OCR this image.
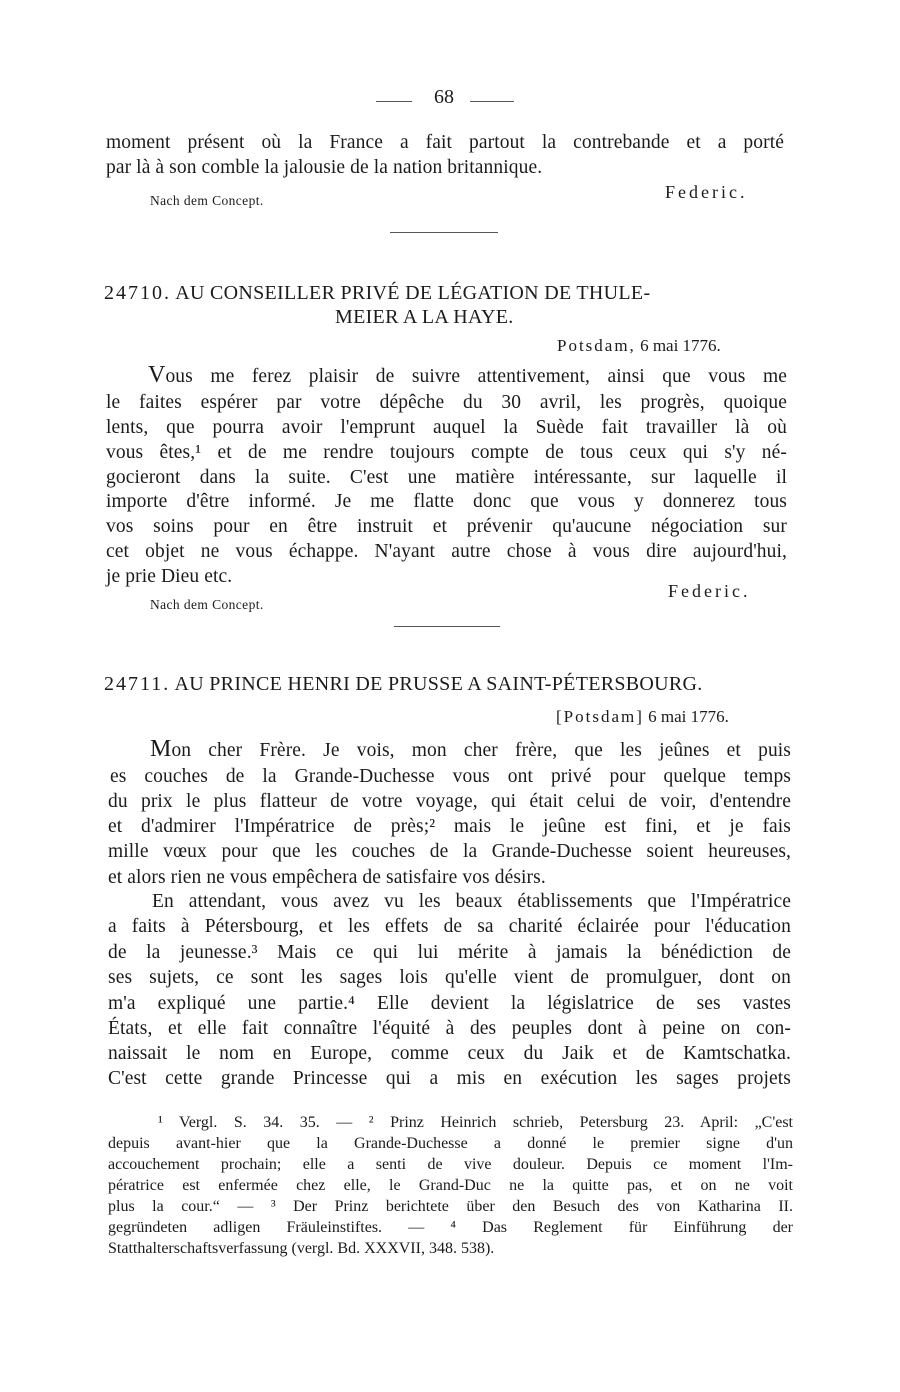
68
moment présent où la France a fait partout la contrebande et a porté
par là à son comble la jalousie de la nation britannique.
Nach dem Concept.	Federic.
24710. AU CONSEILLER PRIVÉ DE LÉGATION DE THULE-
MEIER A LA HAYE.
Potsdam, 6 mai 1776.
Vous me ferez plaisir de suivre attentivement, ainsi que vous me
le faites espérer par votre dépêche du 30 avril, les progrès, quoique
lents, que pourra avoir l'emprunt auquel la Suède fait travailler là où
vous êtes,¹ et de me rendre toujours compte de tous ceux qui s'y né-
gocieront dans la suite. C'est une matière intéressante, sur laquelle il
importe d'être informé. Je me flatte donc que vous y donnerez tous
vos soins pour en être instruit et prévenir qu'aucune négociation sur
cet objet ne vous échappe. N'ayant autre chose à vous dire aujourd'hui,
je prie Dieu etc.
Nach dem Concept.
Federic.
24711. AU PRINCE HENRI DE PRUSSE A SAINT-PÉTERSBOURG.
[Potsdam] 6 mai 1776.
Mon cher Frère. Je vois, mon cher frère, que les jeûnes et puis
es couches de la Grande-Duchesse vous ont privé pour quelque temps
du prix le plus flatteur de votre voyage, qui était celui de voir, d'entendre
et d'admirer l'Impératrice de près;² mais le jeûne est fini, et je fais
mille vœux pour que les couches de la Grande-Duchesse soient heureuses,
et alors rien ne vous empêchera de satisfaire vos désirs.
En attendant, vous avez vu les beaux établissements que l'Impératrice
a faits à Pétersbourg, et les effets de sa charité éclairée pour l'éducation
de la jeunesse.³ Mais ce qui lui mérite à jamais la bénédiction de
ses sujets, ce sont les sages lois qu'elle vient de promulguer, dont on
m'a expliqué une partie.⁴ Elle devient la législatrice de ses vastes
États, et elle fait connaître l'équité à des peuples dont à peine on con-
naissait le nom en Europe, comme ceux du Jaik et de Kamtschatka.
C'est cette grande Princesse qui a mis en exécution les sages projets
¹ Vergl. S. 34. 35. — ² Prinz Heinrich schrieb, Petersburg 23. April: „C'est
depuis avant-hier que la Grande-Duchesse a donné le premier signe d'un
accouchement prochain; elle a senti de vive douleur. Depuis ce moment l'Im-
pératrice est enfermée chez elle, le Grand-Duc ne la quitte pas, et on ne voit
plus la cour.“ — ³ Der Prinz berichtete über den Besuch des von Katharina II.
gegründeten adligen Fräuleinstiftes. — ⁴ Das Reglement für Einführung der
Statthalterschaftsverfassung (vergl. Bd. XXXVII, 348. 538).
